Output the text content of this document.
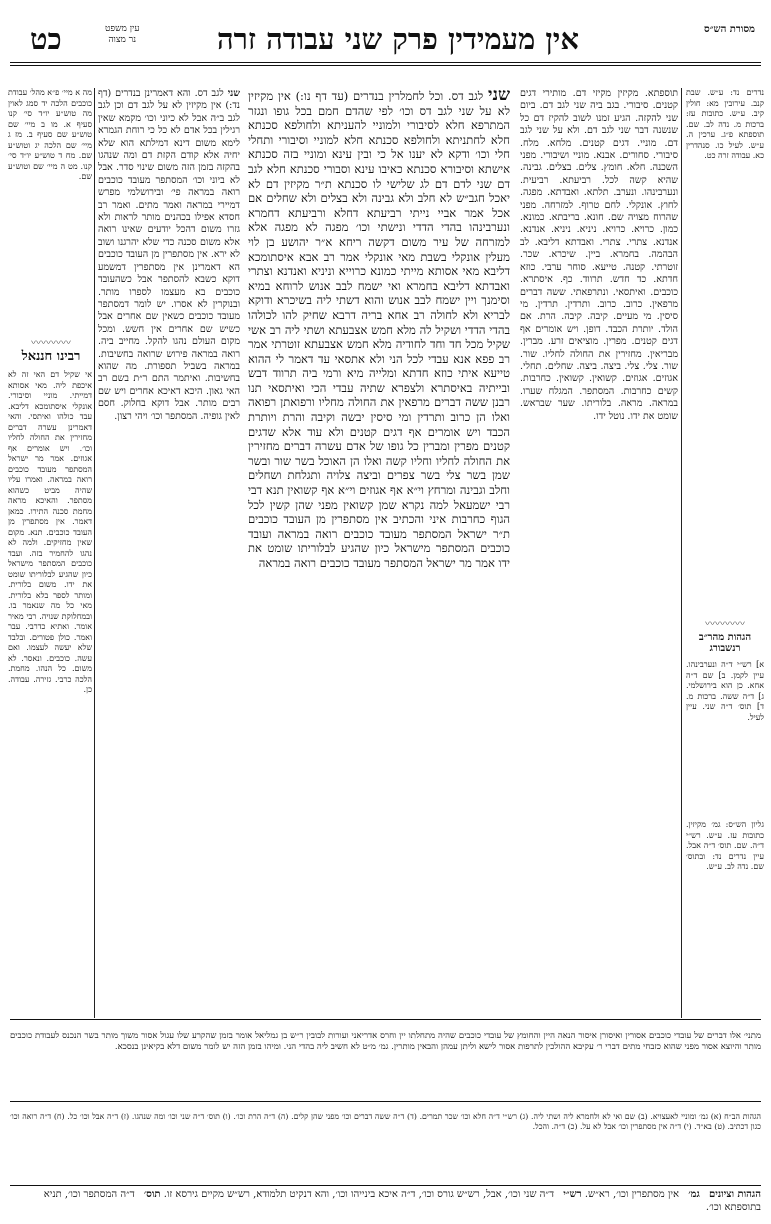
מסורת הש״ס
אין מעמידין פרק שני עבודה זרה
כט	עין משפט
נר מצוה

נדרים נד: ע״ש. שבת קנב. עירובין מא: חולין קיב. ע״ש. כתובות עז: ברכות מ. נדה לב. שם. תוספתא פ״ג. ערכין ה. ע״ש. לעיל כו. סנהדרין כא. עבודה זרה כט.

〰〰〰〰
הגהות מהר״ב רנשבורג

א] רש״י ד״ה ונערבינהו. עיין לקמן. ב] שם ד״ה אחא. כן הוא בירושלמי. ג] ד״ה ששה. ברכות מ. ד] תוס׳ ד״ה שני. עיין לעיל.

גליון הש״ס: גמ׳ מקיזין. כתובות עז. ע״ש. רש״י ד״ה. שם. תוס׳ ד״ה אבל. עיין נדרים נד: ובתוס׳ שם. נדה לב. ע״ש.

תוספתא. מקיזין מקיזי דם. מותירי דגים קטנים. סיבורי. בגב ביה שני לגב דם. ביום שני להקזה. הגיע זמנו לשוב להקיז דם כל שנשנה דבר שני לגב דם. ולא על שני לגב דם. מוניי. דגים קטנים. מלחא. מלח. סיבורי. סחורים. אבנא. מוניי ושיבורי. מפני השכנה. חלא. חומץ. צלים. בצלים. גבינה. שהיא קשה לכל. רביעתא. רביעית. ונערבינהו. ונערב. תלתא. ואבדתא. מפגה. לחוץ. אונקלי. לחם טרוף. למזרחה. מפני שהרוח מצויה שם. חונא. בריבתא. כמונא. כמון. כרויא. כרויא. ניניא. ניניא. אנדנא. אנדנא. צתרי. צתרי. ואבדתא דליבא. לב הבהמה. בחמרא. ביין. שיכרא. שכר. זוטרתי. קטנה. טייעא. סוחר ערבי. כוזא חדתא. כד חדש. תרווד. כף. איסתרא. כוכבים. ואיתסאי. ונתרפאתי. ששה דברים מרפאין. כרוב. כרוב. ותרדין. תרדין. מי סיסין. מי מעיים. קיבה. קיבה. הרת. אם הולד. יותרת הכבד. דופן. ויש אומרים אף דגים קטנים. מפרין. מוציאים זרע. מברין. מבריאין. מחזירין את החולה לחליו. שור. שור. צלי. צלי. ביצה. ביצה. שחלים. תחלי. אגוזים. אגוזים. קשואין. קשואין. כחרבות. קשים כחרבות. המסתפר. המגלח שערו. במראה. מראה. בלוריתו. שער שבראש. שומט את ידו. נוטל ידו.

שני לגב דס. וכל לחמלרין בנדרים (עד דף נו:) אין מקיזין לא על שני לגב דס וכו׳ לפי שהדם חמם בכל גופו ונגזר המתרפא חלא לסיבורי ולמוניי להעניתא ולחולפא סכנתא חלא לחתניתא ולחולפא סכנתא חלא למוניי וסיבורי ותחלי חלי וכו׳ ודקא לא יענו אל כי ובין עינא ומוניי בזה סכנתא אישתא וסיבורא סכנתא כאיבו עינא וסבורי סכנתא חלא לגב דם שני לדם דם לג שלישי לו סכנתא ת״ר מקיזין דם לא יאכל חגב״ש לא חלב ולא גבינה ולא בצלים ולא שחלים אם אכל אמר אביי נייתי רביעתא דחלא ורביעתא דחמרא ונערבינהו בהדי הדדי ונישתי וכו׳ מפגה לא מפגה אלא למזרחה של עיר משום דקשה ריחא א״ר יהושע בן לוי מעלין אונקלי בשבת מאי אונקלי אמר רב אבא איסתומכא דליבא מאי אסותא מייתי כמונא כרוייא וניניא ואנדנא וצתרי ואבדתא דליבא בחמרא ואי ישמח לבב אנוש לרוחא במיא וסימנך ויין ישמח לבב אנוש והוא דשתי ליה בשיכרא ודוקא לבריא ולא לחולה רב אחא בריה דרבא שחיק להו לכולהו בהדי הדדי ושקיל לה מלא חמש אצבעתא ושתי ליה רב אשי שקיל מכל חד וחד לחודיה מלא חמש אצבעתא זוטרתי אמר רב פפא אנא עבדי לכל הני ולא אתסאי עד דאמר לי ההוא טייעא איתי כוזא חדתא ומלייה מיא ורמי ביה תרווד דבש ובייתיה באיסתרא ולצפרא שתיה עבדי הכי ואיתסאי תנו רבנן ששה דברים מרפאין את החולה מחליו ורפואתן רפואה ואלו הן כרוב ותרדין ומי סיסין יבשה וקיבה והרת ויותרת הכבד ויש אומרים אף דגים קטנים ולא עוד אלא שדגים קטנים מפרין ומברין כל גופו של אדם עשרה דברים מחזירין את החולה לחליו וחליו קשה ואלו הן האוכל בשר שור ובשר שמן בשר צלי בשר צפרים וביצה צלויה ותגלחת ושחלים וחלב וגבינה ומרחץ וי״א אף אגוזים וי״א אף קשואין תנא דבי רבי ישמעאל למה נקרא שמן קשואין מפני שהן קשין לכל הגוף כחרבות איני והכתיב אין מסתפרין מן העובד כוכבים ת״ר ישראל המסתפר מעובד כוכבים רואה במראה ועובד כוכבים המסתפר מישראל כיון שהגיע לבלוריתו שומט את ידו אמר מר ישראל המסתפר מעובד כוכבים רואה במראה

שני לגב דס. והא דאמרינן בנדרים (דף נד:) אין מקיזין לא על לגב דם וכן לגב לגב ב״ה אבל לא כיוני וכו׳ מקמא שאין רגילין בכל אדם לא כל כי רוחת הגמרא לימא משום דינא דמילתא הוא שלא יחיה אלא קודם הקזת דם ומה שנהגו בהקזה בזמן הזה משום שינוי סדר. אבל לא ביוני וכו׳ המסתפר מעובד כוכבים רואה במראה פי׳ ובירושלמי מפרש דמיירי במראה ואמר מתים. ואמר רב חסדא אפילו בכהנים מותר לראות ולא גזרו משום דהכל יודעים שאינו רואה אלא משום סכנה כדי שלא יהרגנו ושוב לא ירא. אין מסתפרין מן העובד כוכבים הא דאמרינן אין מסתפרין דמשמע דוקא כשבא להסתפר אבל כשהעובד כוכבים בא מעצמו לספרו מותר. ובנוקרין לא אסרו. יש לומר דמסתפר מעובד כוכבים כשאין שם אחרים אבל כשיש שם אחרים אין חשש. ומכל מקום העולם נהגו להקל. מחייב ביה. רואה במראה פירוש שרואה בחשיבות. במראה בשביל תספורת. מה שהוא בחשיבות. ואיתמר התם ר״ת בשם רב האי גאון. היכא דאיכא אחרים ויש שם רבים מותר. אבל דוקא בחלוק. חסם לאין גופיה. המסתפר וכו׳ ויהי רצון.

מה א מיי׳ פ״א מהל׳ עבודת כוכבים הלכה יד סמג לאוין מה טוש״ע יו״ד סי׳ קנו סעיף א. מו ב מיי׳ שם טוש״ע שם סעיף ב. מז ג מיי׳ שם הלכה יג וטוש״ע שם. מח ד טוש״ע יו״ד סי׳ קנו. מט ה מיי׳ שם וטוש״ע שם.

〰〰〰〰
רבינו חננאל

אי שקיל דם האי זה לא איכפת ליה. מאי אסותא דמייתי. מוניי וסיבורי. אונקלי איסתומכא דליבא. עבד כולהו ואיתסי. והאי דאמרינן עשרה דברים מחזירין את החולה לחליו וכו׳. ויש אומרים אף אגוזים. אמר מר ישראל המסתפר מעובד כוכבים רואה במראה. ואמרו עליו שהיה מביט כשהוא מסתפר. והאיכא מראה מחמת סכנה התירו. כמאן דאמר. אין מסתפרין מן העובד כוכבים. תנא. מקום שאין מחזיקים. ולמה לא נהגו להחמיר בזה. ועבד כוכבים המסתפר מישראל כיון שהגיע לבלוריתו שומט את ידו. משום בלורית. ומותר לספר בלא בלורית. מאי כל מה שנאמר בו. ובמחלוקת שנויה. רבי מאיר אומר. ואתיא כדרבי. עבר ואמר. כולן פטורים. ובלבד שלא יעשה לעצמו. ואם עשה. כוכבים. ונאסר. לא משום. כל הנהו. מחמת. הלכה כרבי. גזירה. עבודה. כן.

מתני׳ אלו דברים של עובדי כוכבים אסורין ואיסורן איסור הנאה היין והחומץ של עובדי כוכבים שהיה מתחלתו יין וחרס אדריאני ועורות לבובין ר״ש בן גמליאל אומר בזמן שהקרע שלו עגול אסור משוך מותר בשר הנכנס לעבודת כוכבים מותר והיוצא אסור מפני שהוא כזבחי מתים דברי ר׳ עקיבא ההולכין לתרפות אסור לישא וליתן עמהן והבאין מותרין. גמ׳ מ״ט לא חשיב ליה בהדי הני. ומיהו בזמן הזה יש לומר משום דלא בקיאינן בנסכא.

הגהות הב״ח (א) גמ׳ ומוניי לאעצויא. (ב) שם ואי לא ולחמרא ליה ושתי ליה. (ג) רש״י ד״ה חלא וכו׳ שכר תמרים. (ד) ד״ה ששה דברים וכו׳ מפני שהן קלים. (ה) ד״ה הרת וכו׳. (ו) תוס׳ ד״ה שני וכו׳ ומה שנהגו. (ז) ד״ה אבל וכו׳ כל. (ח) ד״ה רואה וכו׳ כגון דכתיב. (ט) בא״ד. (י) ד״ה אין מסתפרין וכו׳ אבל לא על. (כ) ד״ה. והכל.

הגהות וציונים גמ׳ אין מסתפרין וכו׳, רא״ש. רש״י ד״ה שני וכו׳, אבל, רש״ש גורס וכו׳, ד״ה איכא בינייהו וכו׳, והא דנקיט תלמודא, רש״ש מקיים גירסא זו. תוס׳ ד״ה המסתפר וכו׳, תניא בתוספתא וכו׳.
